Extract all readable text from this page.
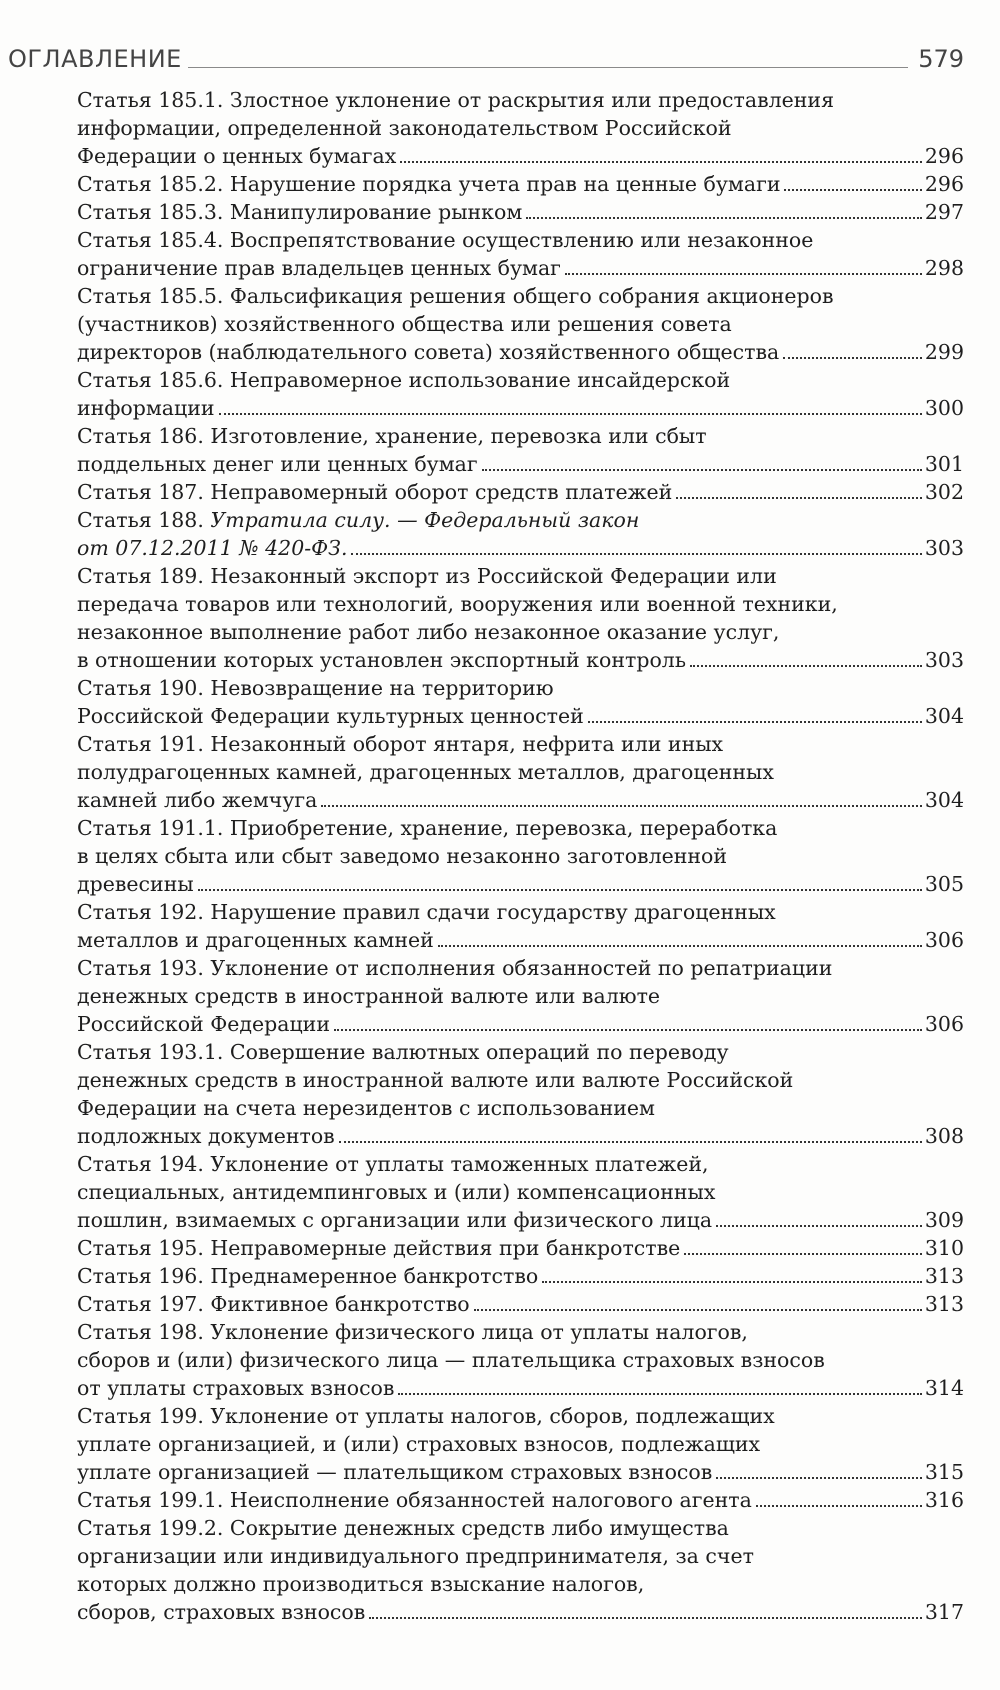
ОГЛАВЛЕНИЕ	579
Статья 185.1. Злостное уклонение от раскрытия или предоставления
информации, определенной законодательством Российской
Федерации о ценных бумагах	296
Статья 185.2. Нарушение порядка учета прав на ценные бумаги	296
Статья 185.3. Манипулирование рынком	297
Статья 185.4. Воспрепятствование осуществлению или незаконное
ограничение прав владельцев ценных бумаг	298
Статья 185.5. Фальсификация решения общего собрания акционеров
(участников) хозяйственного общества или решения совета
директоров (наблюдательного совета) хозяйственного общества	299
Статья 185.6. Неправомерное использование инсайдерской
информации	300
Статья 186. Изготовление, хранение, перевозка или сбыт
поддельных денег или ценных бумаг	301
Статья 187. Неправомерный оборот средств платежей	302
Статья 188. Утратила силу. — Федеральный закон
от 07.12.2011 № 420-ФЗ.	303
Статья 189. Незаконный экспорт из Российской Федерации или
передача товаров или технологий, вооружения или военной техники,
незаконное выполнение работ либо незаконное оказание услуг,
в отношении которых установлен экспортный контроль	303
Статья 190. Невозвращение на территорию
Российской Федерации культурных ценностей	304
Статья 191. Незаконный оборот янтаря, нефрита или иных
полудрагоценных камней, драгоценных металлов, драгоценных
камней либо жемчуга	304
Статья 191.1. Приобретение, хранение, перевозка, переработка
в целях сбыта или сбыт заведомо незаконно заготовленной
древесины	305
Статья 192. Нарушение правил сдачи государству драгоценных
металлов и драгоценных камней	306
Статья 193. Уклонение от исполнения обязанностей по репатриации
денежных средств в иностранной валюте или валюте
Российской Федерации	306
Статья 193.1. Совершение валютных операций по переводу
денежных средств в иностранной валюте или валюте Российской
Федерации на счета нерезидентов с использованием
подложных документов	308
Статья 194. Уклонение от уплаты таможенных платежей,
специальных, антидемпинговых и (или) компенсационных
пошлин, взимаемых с организации или физического лица	309
Статья 195. Неправомерные действия при банкротстве	310
Статья 196. Преднамеренное банкротство	313
Статья 197. Фиктивное банкротство	313
Статья 198. Уклонение физического лица от уплаты налогов,
сборов и (или) физического лица — плательщика страховых взносов
от уплаты страховых взносов	314
Статья 199. Уклонение от уплаты налогов, сборов, подлежащих
уплате организацией, и (или) страховых взносов, подлежащих
уплате организацией — плательщиком страховых взносов	315
Статья 199.1. Неисполнение обязанностей налогового агента	316
Статья 199.2. Сокрытие денежных средств либо имущества
организации или индивидуального предпринимателя, за счет
которых должно производиться взыскание налогов,
сборов, страховых взносов	317
